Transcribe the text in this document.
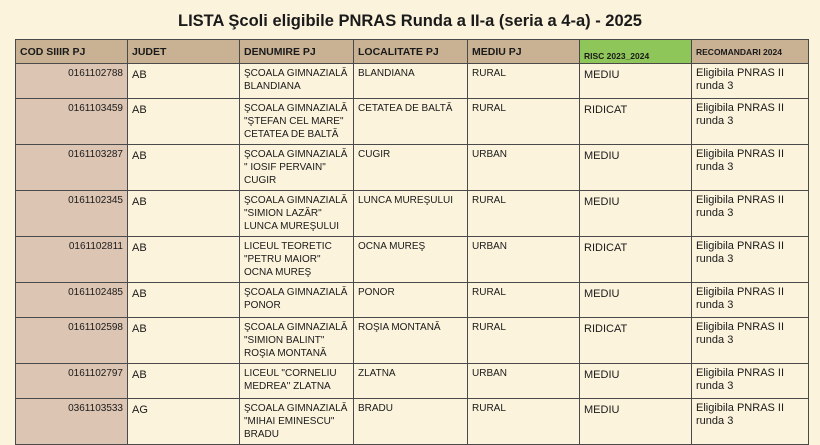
LISTA Şcoli eligibile PNRAS Runda a II-a (seria a 4-a) - 2025
COD SIIIR PJ	JUDET	DENUMIRE PJ	LOCALITATE PJ	MEDIU PJ	RISC 2023_2024	RECOMANDARI 2024
0161102788	AB	ŞCOALA GIMNAZIALĂ BLANDIANA	BLANDIANA	RURAL	MEDIU	Eligibila PNRAS II runda 3
0161103459	AB	ŞCOALA GIMNAZIALĂ "ŞTEFAN CEL MARE" CETATEA DE BALTĂ	CETATEA DE BALTĂ	RURAL	RIDICAT	Eligibila PNRAS II runda 3
0161103287	AB	ŞCOALA GIMNAZIALĂ " IOSIF PERVAIN" CUGIR	CUGIR	URBAN	MEDIU	Eligibila PNRAS II runda 3
0161102345	AB	ŞCOALA GIMNAZIALĂ "SIMION LAZĂR" LUNCA MUREŞULUI	LUNCA MUREŞULUI	RURAL	MEDIU	Eligibila PNRAS II runda 3
0161102811	AB	LICEUL TEORETIC "PETRU MAIOR" OCNA MUREŞ	OCNA MUREŞ	URBAN	RIDICAT	Eligibila PNRAS II runda 3
0161102485	AB	ŞCOALA GIMNAZIALĂ PONOR	PONOR	RURAL	MEDIU	Eligibila PNRAS II runda 3
0161102598	AB	ŞCOALA GIMNAZIALĂ "SIMION BALINT" ROŞIA MONTANĂ	ROŞIA MONTANĂ	RURAL	RIDICAT	Eligibila PNRAS II runda 3
0161102797	AB	LICEUL "CORNELIU MEDREA" ZLATNA	ZLATNA	URBAN	MEDIU	Eligibila PNRAS II runda 3
0361103533	AG	ŞCOALA GIMNAZIALĂ "MIHAI EMINESCU" BRADU	BRADU	RURAL	MEDIU	Eligibila PNRAS II runda 3
